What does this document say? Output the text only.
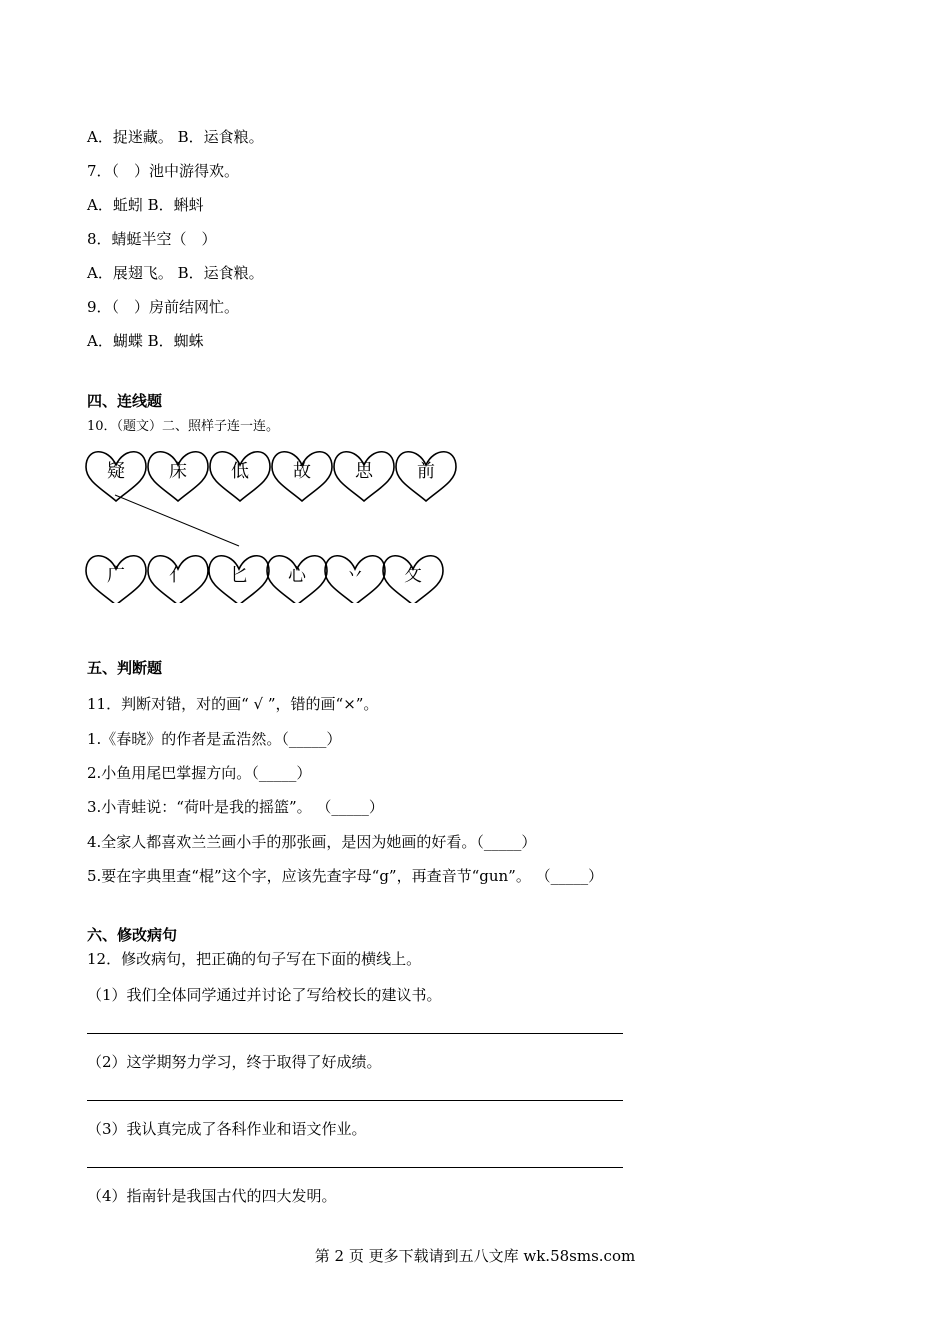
A．捉迷藏。 B．运食粮。
7．（　）池中游得欢。
A．蚯蚓 B．蝌蚪
8．蜻蜓半空（　）
A．展翅飞。 B．运食粮。
9．（　）房前结网忙。
A．蝴蝶 B．蜘蛛
四、连线题
10．（题文）二、照样子连一连。
疑 床 低 故 思 前
广 亻 匕 心 丷 攵
五、判断题
11．判断对错，对的画“ √ ”，错的画“×”。
1.《春晓》的作者是孟浩然。（_____）
2.小鱼用尾巴掌握方向。（_____）
3.小青蛙说：“荷叶是我的摇篮”。 （_____）
4.全家人都喜欢兰兰画小手的那张画，是因为她画的好看。（_____）
5.要在字典里查“棍”这个字，应该先查字母“g”，再查音节“gun”。 （_____）
六、修改病句
12．修改病句，把正确的句子写在下面的横线上。
（1）我们全体同学通过并讨论了写给校长的建议书。
（2）这学期努力学习，终于取得了好成绩。
（3）我认真完成了各科作业和语文作业。
（4）指南针是我国古代的四大发明。
第 2 页 更多下载请到五八文库 wk.58sms.com
